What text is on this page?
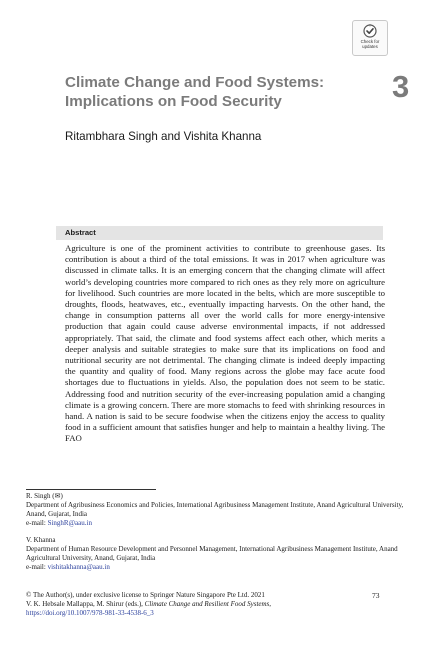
Check for
updates
Climate Change and Food Systems: Implications on Food Security	3
Ritambhara Singh and Vishita Khanna
Abstract

Agriculture is one of the prominent activities to contribute to greenhouse gases. Its contribution is about a third of the total emissions. It was in 2017 when agriculture was discussed in climate talks. It is an emerging concern that the changing climate will affect world’s developing countries more compared to rich ones as they rely more on agriculture for livelihood. Such countries are more located in the belts, which are more susceptible to droughts, floods, heatwaves, etc., eventually impacting harvests. On the other hand, the change in consumption patterns all over the world calls for more energy-intensive production that again could cause adverse environmental impacts, if not addressed appropriately. That said, the climate and food systems affect each other, which merits a deeper analysis and suitable strategies to make sure that its implications on food and nutritional security are not detrimental. The changing climate is indeed deeply impacting the quantity and quality of food. Many regions across the globe may face acute food shortages due to fluctuations in yields. Also, the population does not seem to be static. Addressing food and nutrition security of the ever-increasing population amid a changing climate is a growing concern. There are more stomachs to feed with shrinking resources in hand. A nation is said to be secure foodwise when the citizens enjoy the access to quality food in a sufficient amount that satisfies hunger and help to maintain a healthy living. The FAO

R. Singh (✉)
Department of Agribusiness Economics and Policies, International Agribusiness Management Institute, Anand Agricultural University, Anand, Gujarat, India
e-mail: SinghR@aau.in
V. Khanna
Department of Human Resource Development and Personnel Management, International Agribusiness Management Institute, Anand Agricultural University, Anand, Gujarat, India
e-mail: vishitakhanna@aau.in
© The Author(s), under exclusive license to Springer Nature Singapore Pte Ltd. 2021
V. K. Hebsale Mallappa, M. Shirur (eds.), Climate Change and Resilient Food Systems, https://doi.org/10.1007/978-981-33-4538-6_3
73
